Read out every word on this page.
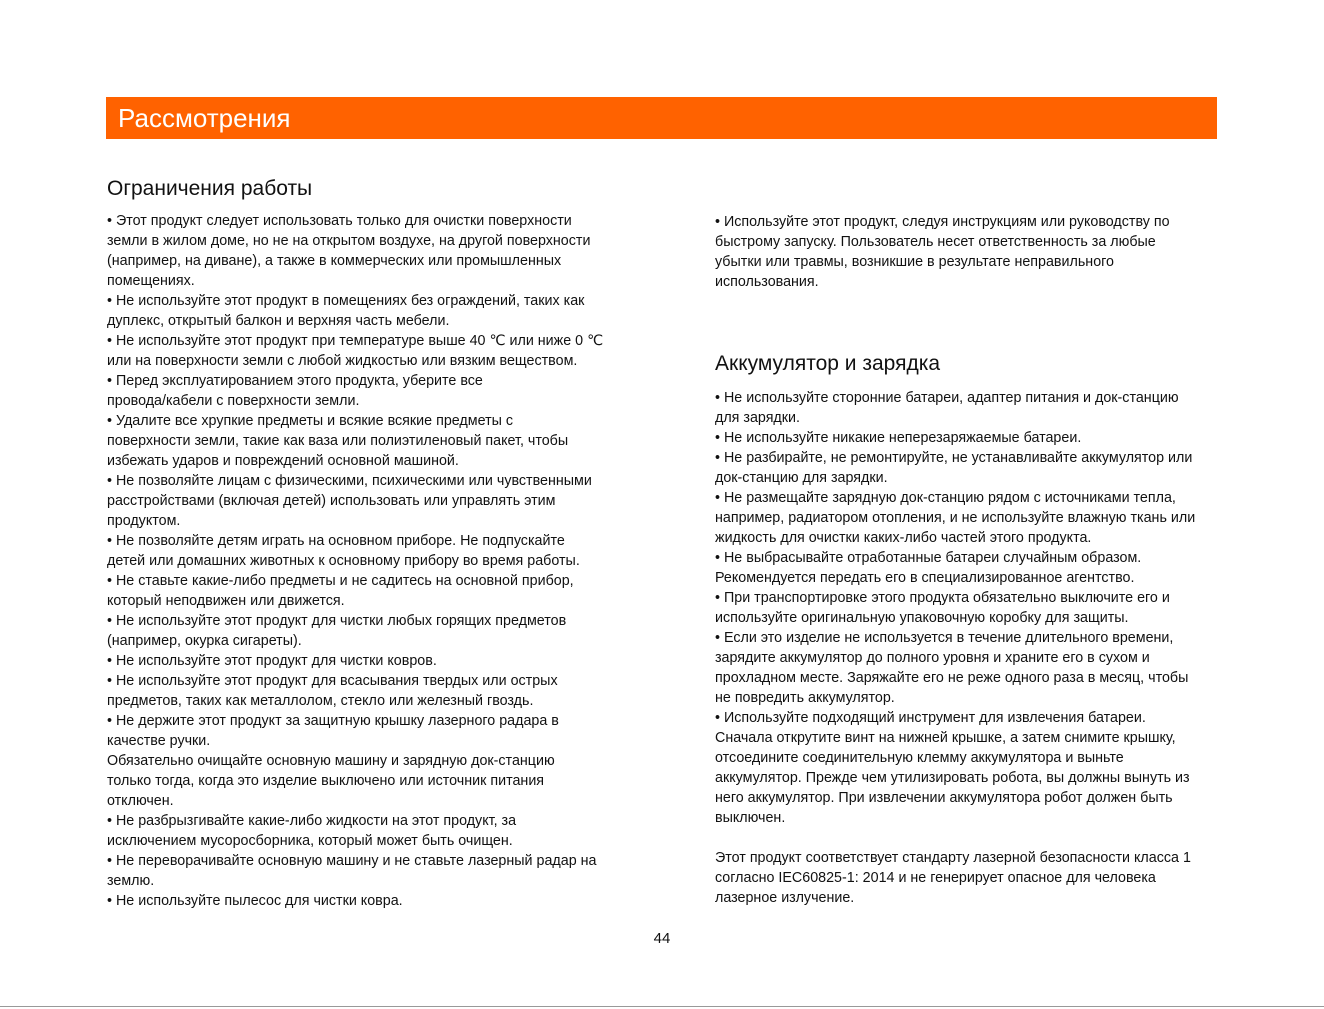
Рассмотрения
Ограничения работы

• Этот продукт следует использовать только для очистки поверхности

земли в жилом доме, но не на открытом воздухе, на другой поверхности

(например, на диване), а также в коммерческих или промышленных

помещениях.

• Не используйте этот продукт в помещениях без ограждений, таких как

дуплекс, открытый балкон и верхняя часть мебели.

• Не используйте этот продукт при температуре выше 40 ℃ или ниже 0 ℃

или на поверхности земли с любой жидкостью или вязким веществом.

• Перед эксплуатированием этого продукта, уберите все

провода/кабели с поверхности земли.

• Удалите все хрупкие предметы и всякие всякие предметы с

поверхности земли, такие как ваза или полиэтиленовый пакет, чтобы

избежать ударов и повреждений основной машиной.

• Не позволяйте лицам с физическими, психическими или чувственными

расстройствами (включая детей) использовать или управлять этим

продуктом.

• Не позволяйте детям играть на основном приборе. Не подпускайте

детей или домашних животных к основному прибору во время работы.

• Не ставьте какие-либо предметы и не садитесь на основной прибор,

который неподвижен или движется.

• Не используйте этот продукт для чистки любых горящих предметов

(например, окурка сигареты).

• Не используйте этот продукт для чистки ковров.

• Не используйте этот продукт для всасывания твердых или острых

предметов, таких как металлолом, стекло или железный гвоздь.

• Не держите этот продукт за защитную крышку лазерного радара в

качестве ручки.

Обязательно очищайте основную машину и зарядную док-станцию

только тогда, когда это изделие выключено или источник питания

отключен.

• Не разбрызгивайте какие-либо жидкости на этот продукт, за

исключением мусоросборника, который может быть очищен.

• Не переворачивайте основную машину и не ставьте лазерный радар на

землю.

• Не используйте пылесос для чистки ковра.

• Используйте этот продукт, следуя инструкциям или руководству по

быстрому запуску. Пользователь несет ответственность за любые

убытки или травмы, возникшие в результате неправильного

использования.

Аккумулятор и зарядка

• Не используйте сторонние батареи, адаптер питания и док-станцию

для зарядки.

• Не используйте никакие неперезаряжаемые батареи.

• Не разбирайте, не ремонтируйте, не устанавливайте аккумулятор или

док-станцию для зарядки.

• Не размещайте зарядную док-станцию рядом с источниками тепла,

например, радиатором отопления, и не используйте влажную ткань или

жидкость для очистки каких-либо частей этого продукта.

• Не выбрасывайте отработанные батареи случайным образом.

Рекомендуется передать его в специализированное агентство.

• При транспортировке этого продукта обязательно выключите его и

используйте оригинальную упаковочную коробку для защиты.

• Если это изделие не используется в течение длительного времени,

зарядите аккумулятор до полного уровня и храните его в сухом и

прохладном месте. Заряжайте его не реже одного раза в месяц, чтобы

не повредить аккумулятор.

• Используйте подходящий инструмент для извлечения батареи.

Сначала открутите винт на нижней крышке, а затем снимите крышку,

отсоедините соединительную клемму аккумулятора и выньте

аккумулятор. Прежде чем утилизировать робота, вы должны вынуть из

него аккумулятор. При извлечении аккумулятора робот должен быть

выключен.

Этот продукт соответствует стандарту лазерной безопасности класса 1

согласно IEC60825-1: 2014 и не генерирует опасное для человека

лазерное излучение.

44
